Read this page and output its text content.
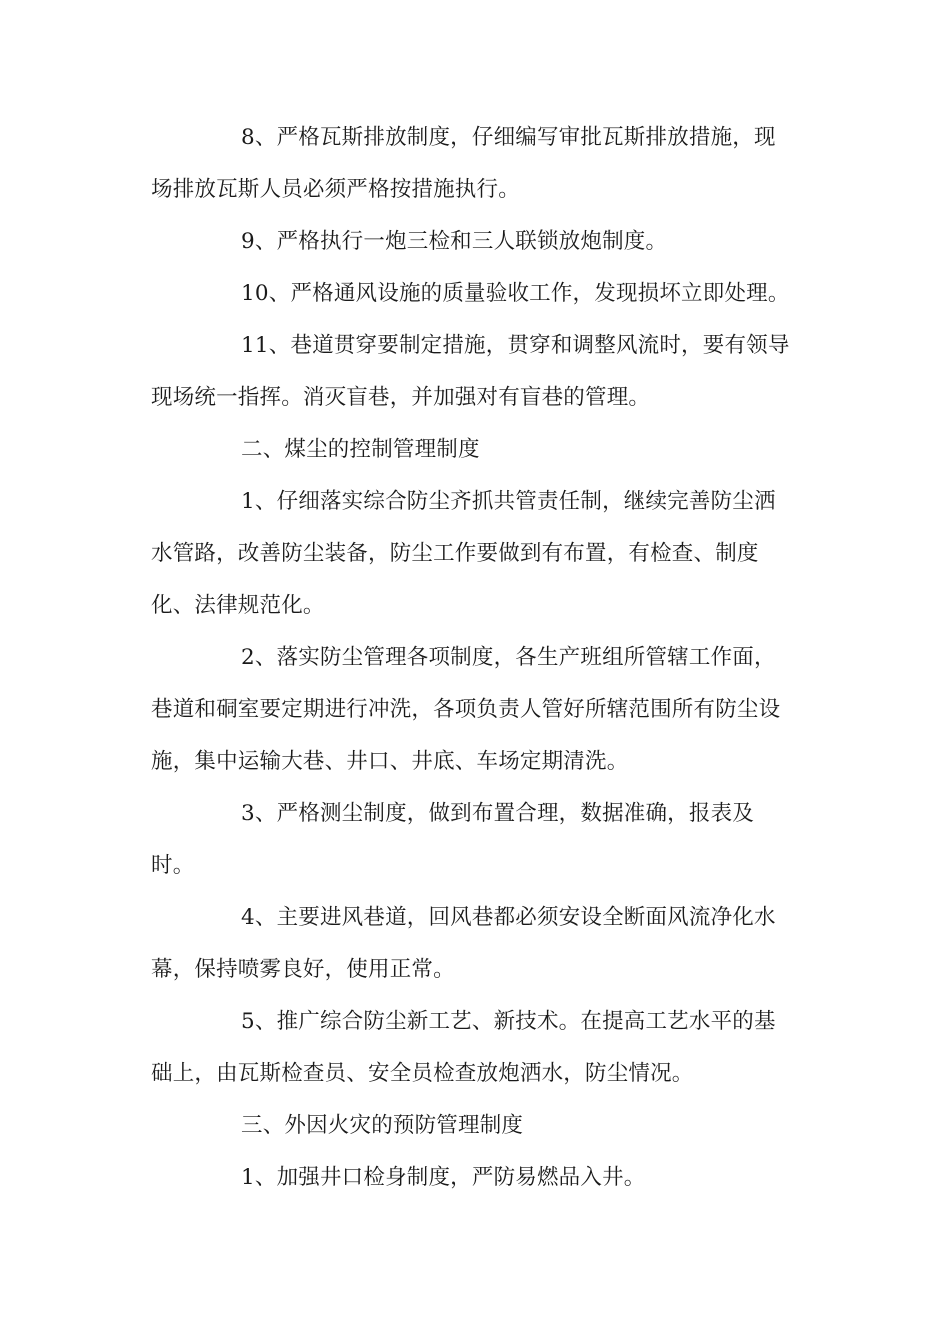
8、严格瓦斯排放制度，仔细编写审批瓦斯排放措施，现
场排放瓦斯人员必须严格按措施执行。
9、严格执行一炮三检和三人联锁放炮制度。
10、严格通风设施的质量验收工作，发现损坏立即处理。
11、巷道贯穿要制定措施，贯穿和调整风流时，要有领导
现场统一指挥。消灭盲巷，并加强对有盲巷的管理。
二、煤尘的控制管理制度
1、仔细落实综合防尘齐抓共管责任制，继续完善防尘洒
水管路，改善防尘装备，防尘工作要做到有布置，有检查、制度
化、法律规范化。
2、落实防尘管理各项制度，各生产班组所管辖工作面，
巷道和硐室要定期进行冲洗，各项负责人管好所辖范围所有防尘设
施，集中运输大巷、井口、井底、车场定期清洗。
3、严格测尘制度，做到布置合理，数据准确，报表及
时。
4、主要进风巷道，回风巷都必须安设全断面风流净化水
幕，保持喷雾良好，使用正常。
5、推广综合防尘新工艺、新技术。在提高工艺水平的基
础上，由瓦斯检查员、安全员检查放炮洒水，防尘情况。
三、外因火灾的预防管理制度
1、加强井口检身制度，严防易燃品入井。
